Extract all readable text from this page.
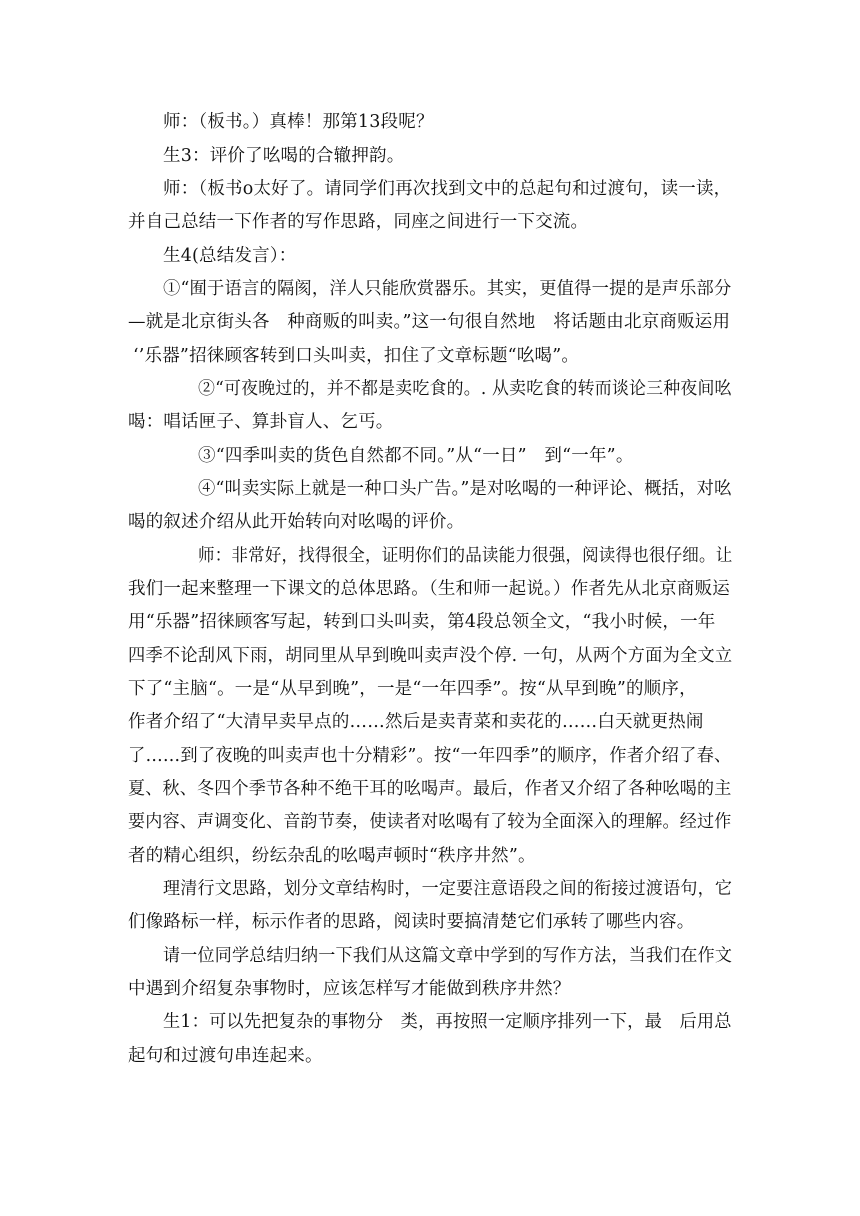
师：（板书。）真棒！那第13段呢？
生3：评价了吆喝的合辙押韵。
师：（板书o太好了。请同学们再次找到文中的总起句和过渡句，读一读，
并自己总结一下作者的写作思路，同座之间进行一下交流。
生4(总结发言）：
①“囿于语言的隔阂，洋人只能欣赏器乐。其实，更值得一提的是声乐部分
—就是北京街头各　种商贩的叫卖。”这一句很自然地　将话题由北京商贩运用
‘’乐器”招徕顾客转到口头叫卖，扣住了文章标题“吆喝”。
②“可夜晚过的，并不都是卖吃食的。. 从卖吃食的转而谈论三种夜间吆
喝：唱话匣子、算卦盲人、乞丐。
③“四季叫卖的货色自然都不同。”从“一日”　到“一年”。
④“叫卖实际上就是一种口头广告。”是对吆喝的一种评论、概括，对吆
喝的叙述介绍从此开始转向对吆喝的评价。
师：非常好，找得很全，证明你们的品读能力很强，阅读得也很仔细。让
我们一起来整理一下课文的总体思路。（生和师一起说。）作者先从北京商贩运
用“乐器”招徕顾客写起，转到口头叫卖，第4段总领全文，“我小时候，一年
四季不论刮风下雨，胡同里从早到晚叫卖声没个停. 一句，从两个方面为全文立
下了“主脑“。一是“从早到晚”，一是“一年四季”。按“从早到晚”的顺序，
作者介绍了“大清早卖早点的……然后是卖青菜和卖花的……白天就更热闹
了……到了夜晚的叫卖声也十分精彩”。按“一年四季”的顺序，作者介绍了春、
夏、秋、冬四个季节各种不绝干耳的吆喝声。最后，作者又介绍了各种吆喝的主
要内容、声调变化、音韵节奏，使读者对吆喝有了较为全面深入的理解。经过作
者的精心组织，纷纭杂乱的吆喝声顿时“秩序井然”。
理清行文思路，划分文章结构时，一定要注意语段之间的衔接过渡语句，它
们像路标一样，标示作者的思路，阅读时要搞清楚它们承转了哪些内容。
请一位同学总结归纳一下我们从这篇文章中学到的写作方法，当我们在作文
中遇到介绍复杂事物时，应该怎样写才能做到秩序井然？
生1：可以先把复杂的事物分　类，再按照一定顺序排列一下，最　后用总
起句和过渡句串连起来。
